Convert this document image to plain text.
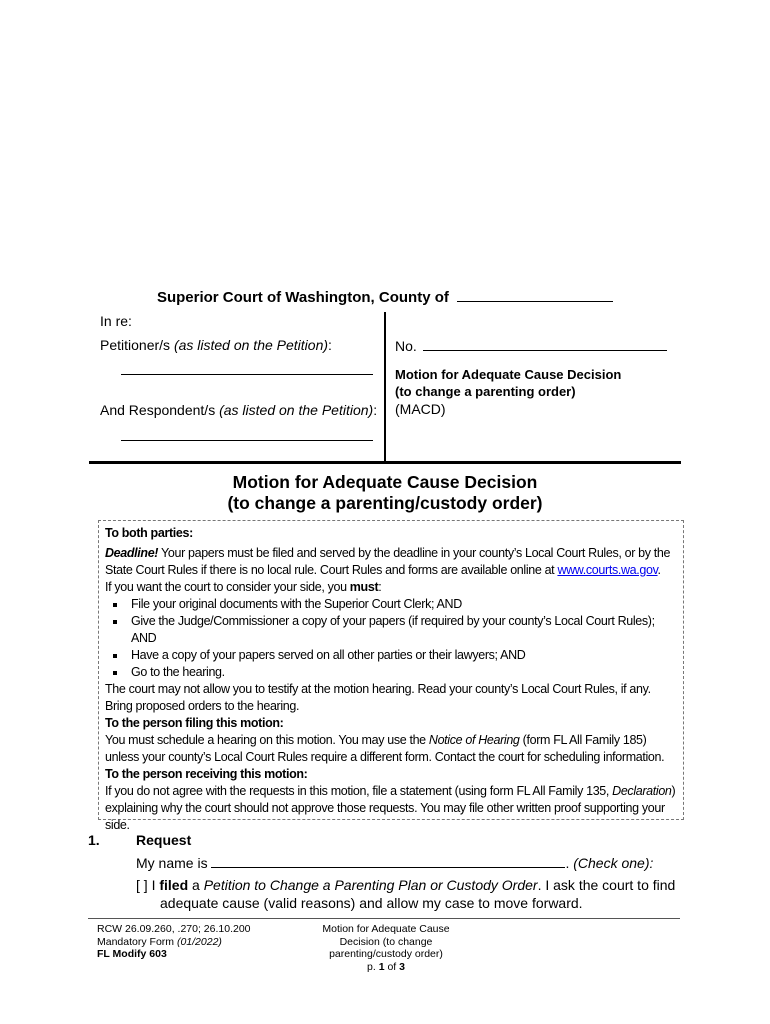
Superior Court of Washington, County of
In re:
Petitioner/s (as listed on the Petition):
And Respondent/s (as listed on the Petition):
No.
Motion for Adequate Cause Decision
(to change a parenting order)
(MACD)
Motion for Adequate Cause Decision
(to change a parenting/custody order)

To both parties:

Deadline! Your papers must be filed and served by the deadline in your county’s Local Court Rules, or by the State Court Rules if there is no local rule. Court Rules and forms are available online at www.courts.wa.gov.

If you want the court to consider your side, you must:

▪ File your original documents with the Superior Court Clerk; AND
▪ Give the Judge/Commissioner a copy of your papers (if required by your county’s Local Court Rules); AND
▪ Have a copy of your papers served on all other parties or their lawyers; AND
▪ Go to the hearing.

The court may not allow you to testify at the motion hearing. Read your county’s Local Court Rules, if any. Bring proposed orders to the hearing.

To the person filing this motion:

You must schedule a hearing on this motion. You may use the Notice of Hearing (form FL All Family 185) unless your county’s Local Court Rules require a different form. Contact the court for scheduling information.

To the person receiving this motion:

If you do not agree with the requests in this motion, file a statement (using form FL All Family 135, Declaration) explaining why the court should not approve those requests. You may file other written proof supporting your side.

1.	Request
My name is	. (Check one):
[ ] I filed a Petition to Change a Parenting Plan or Custody Order. I ask the court to find
adequate cause (valid reasons) and allow my case to move forward.
RCW 26.09.260, .270; 26.10.200
Mandatory Form (01/2022)
FL Modify 603
Motion for Adequate Cause
Decision (to change
parenting/custody order)
p. 1 of 3
